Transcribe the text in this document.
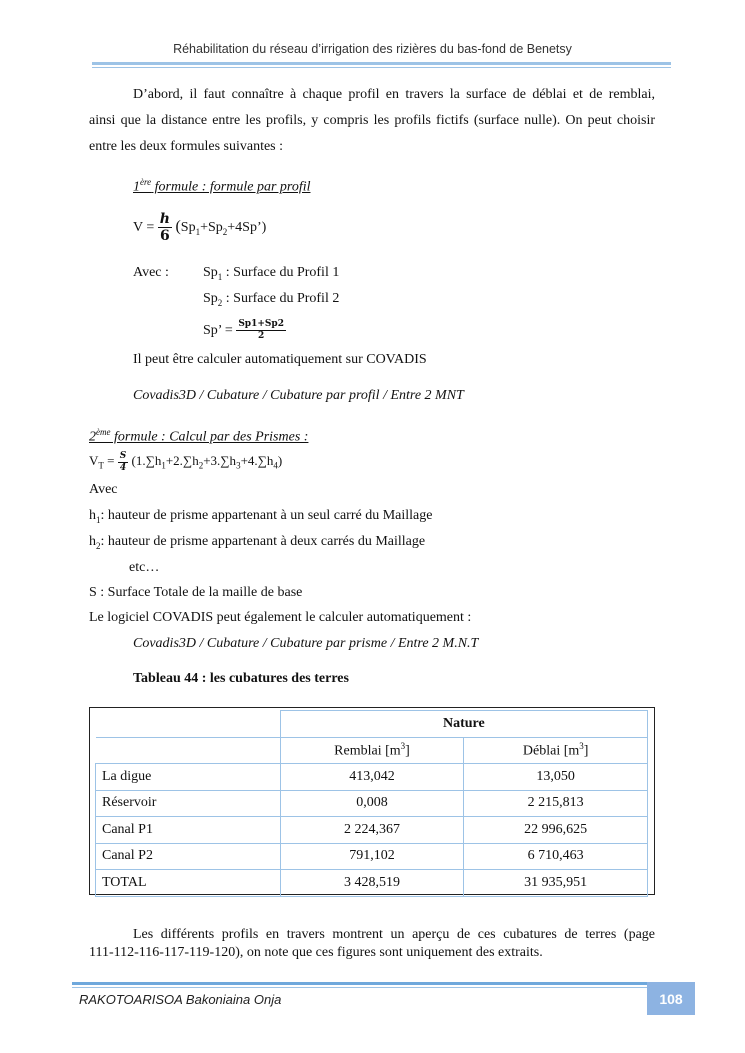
Réhabilitation du réseau d’irrigation des rizières du bas-fond de Benetsy
D’abord, il faut connaître à chaque profil en travers la surface de déblai et de remblai,
ainsi que la distance entre les profils, y compris les profils fictifs (surface nulle). On peut choisir
entre les deux formules suivantes :
1ère formule : formule par profil
$V = \frac{h}{6}$ $(Sp_1+Sp_2+4Sp’)$
Avec : $Sp_1$ : Surface du Profil 1
$Sp_2$ : Surface du Profil 2
Sp’ = $\frac{Sp1+Sp2}{2}$
Il peut être calculer automatiquement sur COVADIS
Covadis3D / Cubature / Cubature par profil / Entre 2 MNT
2ème formule : Calcul par des Prismes :
$V_T = \frac{S}{4} (1.\sum h_1+2.\sum h_2+3.\sum h_3+4.\sum h_4)$
Avec
$h_1$: hauteur de prisme appartenant à un seul carré du Maillage
$h_2$: hauteur de prisme appartenant à deux carrés du Maillage
etc…
S : Surface Totale de la maille de base
Le logiciel COVADIS peut également le calculer automatiquement :
Covadis3D / Cubature / Cubature par prisme / Entre 2 M.N.T
Tableau 44 : les cubatures des terres
	Nature	
	Remblai $[m^3]$	Déblai $[m^3]$
La digue	413,042	13,050
Réservoir	0,008	2 215,813
Canal P1	2 224,367	22 996,625
Canal P2	791,102	6 710,463
TOTAL	3 428,519	31 935,951
Les différents profils en travers montrent un aperçu de ces cubatures de terres (page
111-112-116-117-119-120), on note que ces figures sont uniquement des extraits.
RAKOTOARISOA Bakoniaina Onja	108
